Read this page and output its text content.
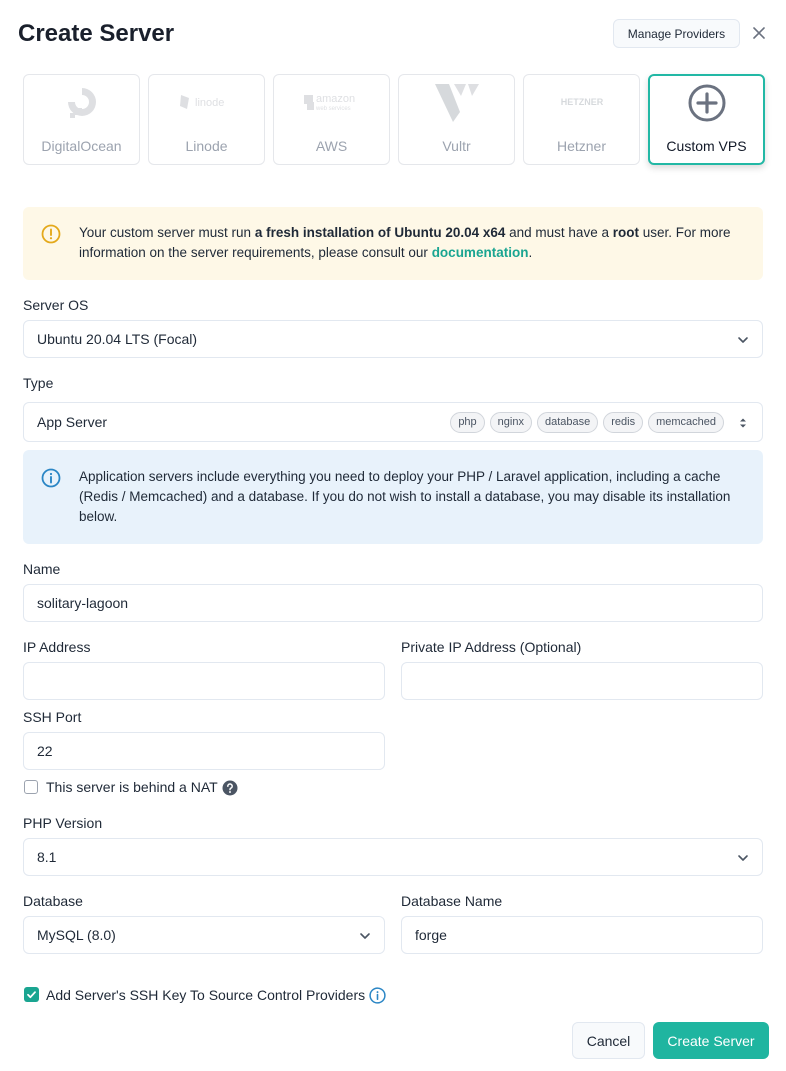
Create Server	Manage Providers
DigitalOcean
linode
Linode
amazon
web services
AWS	Vultr
HETZNER
Hetzner	Custom VPS
Your custom server must run a fresh installation of Ubuntu 20.04 x64 and must have a root user. For more information on the server requirements, please consult our documentation.
Server OS
Ubuntu 20.04 LTS (Focal)
Type
App Server	php	nginx	database	redis	memcached
Application servers include everything you need to deploy your PHP / Laravel application, including a cache (Redis / Memcached) and a database. If you do not wish to install a database, you may disable its installation below.
Name
solitary-lagoon
IP Address	Private IP Address (Optional)
SSH Port
22
This server is behind a NAT
PHP Version
8.1
Database
MySQL (8.0)
Database Name
forge
Add Server's SSH Key To Source Control Providers
Cancel	Create Server
